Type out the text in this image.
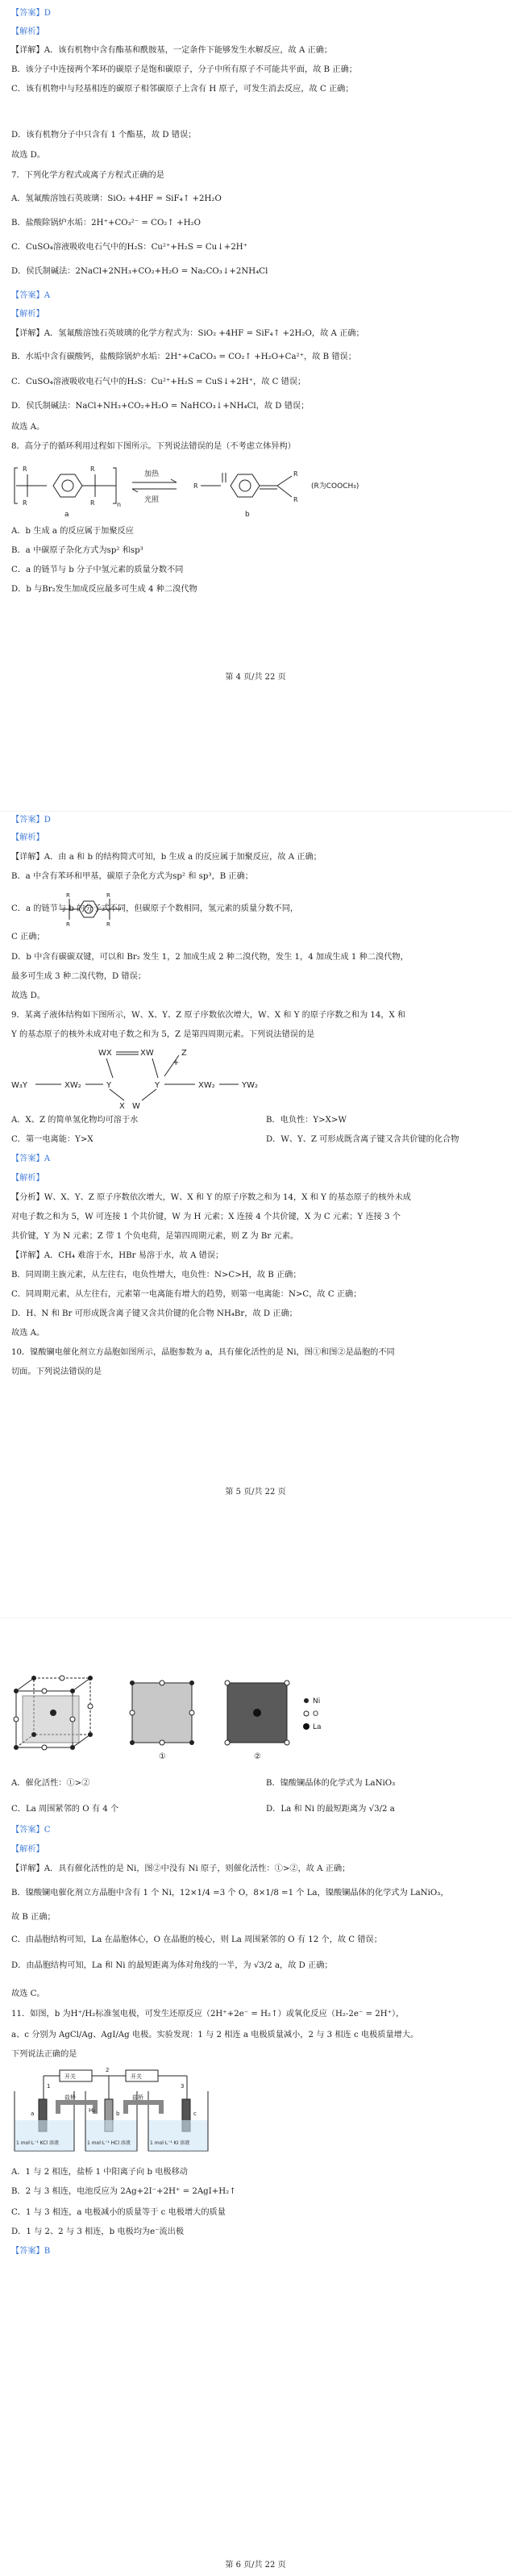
【答案】D
【解析】
【详解】A．该有机物中含有酯基和酰胺基，一定条件下能够发生水解反应，故 A 正确；
B．该分子中连接两个苯环的碳原子是饱和碳原子，分子中所有原子不可能共平面，故 B 正确；
C．该有机物中与羟基相连的碳原子相邻碳原子上含有 H 原子，可发生消去反应，故 C 正确；
D．该有机物分子中只含有 1 个酯基，故 D 错误；
故选 D。
7．下列化学方程式或离子方程式正确的是
A．氢氟酸溶蚀石英玻璃：SiO₂ +4HF = SiF₄↑ +2H₂O
B．盐酸除锅炉水垢：2H⁺+CO₃²⁻ = CO₂↑ +H₂O
C．CuSO₄溶液吸收电石气中的H₂S：Cu²⁺+H₂S = Cu↓+2H⁺
D．侯氏制碱法：2NaCl+2NH₃+CO₂+H₂O = Na₂CO₃↓+2NH₄Cl
【答案】A
【解析】
【详解】A．氢氟酸溶蚀石英玻璃的化学方程式为：SiO₂ +4HF = SiF₄↑ +2H₂O，故 A 正确；
B．水垢中含有碳酸钙，盐酸除锅炉水垢：2H⁺+CaCO₃ = CO₂↑ +H₂O+Ca²⁺，故 B 错误；
C．CuSO₄溶液吸收电石气中的H₂S：Cu²⁺+H₂S = CuS↓+2H⁺，故 C 错误；
D．侯氏制碱法：NaCl+NH₃+CO₂+H₂O = NaHCO₃↓+NH₄Cl，故 D 错误；
故选 A。
8．高分子的循环利用过程如下图所示。下列说法错误的是（不考虑立体异构）
R
R
R
R	n
R
R
R
加热
光照
a	b
(R为COOCH₃)
A．b 生成 a 的反应属于加聚反应
B．a 中碳原子杂化方式为sp² 和sp³
C．a 的链节与 b 分子中氢元素的质量分数不同
D．b 与Br₂发生加成反应最多可生成 4 种二溴代物
第 4 页/共 22 页
【答案】D
【解析】
【详解】A．由 a 和 b 的结构简式可知，b 生成 a 的反应属于加聚反应，故 A 正确；
B．a 中含有苯环和甲基，碳原子杂化方式为sp² 和 sp³，B 正确；
R
R
R
R
C．a 的链节与 b 的分子式不同，但碳原子个数相同，氢元素的质量分数不同，
C 正确；
D．b 中含有碳碳双键，可以和 Br₂ 发生 1，2 加成生成 2 种二溴代物，发生 1，4 加成生成 1 种二溴代物，
最多可生成 3 种二溴代物，D 错误；
故选 D。
9．某离子液体结构如下图所示，W、X、Y、Z 原子序数依次增大，W、X 和 Y 的原子序数之和为 14，X 和
Y 的基态原子的核外未成对电子数之和为 5，Z 是第四周期元素。下列说法错误的是
WX	XW	Z
W₃Y	XW₂	Y	Y	XW₂	YW₂
X W
+
A．X、Z 的简单氢化物均可溶于水	B．电负性：Y>X>W
C．第一电离能：Y>X	D．W、Y、Z 可形成既含离子键又含共价键的化合物
【答案】A
【解析】
【分析】W、X、Y、Z 原子序数依次增大，W、X 和 Y 的原子序数之和为 14，X 和 Y 的基态原子的核外未成
对电子数之和为 5，W 可连接 1 个共价键，W 为 H 元素；X 连接 4 个共价键，X 为 C 元素；Y 连接 3 个
共价键，Y 为 N 元素；Z 带 1 个负电荷，是第四周期元素，则 Z 为 Br 元素。
【详解】A．CH₄ 难溶于水，HBr 易溶于水，故 A 错误；
B．同周期主族元素，从左往右，电负性增大，电负性：N>C>H，故 B 正确；
C．同周期元素，从左往右，元素第一电离能有增大的趋势，则第一电离能：N>C，故 C 正确；
D．H、N 和 Br 可形成既含离子键又含共价键的化合物 NH₄Br，故 D 正确；
故选 A。
10．镍酸镧电催化剂立方晶胞如图所示，晶胞参数为 a，具有催化活性的是 Ni，图①和图②是晶胞的不同
切面。下列说法错误的是
第 5 页/共 22 页
①	②
Ni
O
La
A．催化活性：①>②	B．镍酸镧晶体的化学式为 LaNiO₃
C．La 周围紧邻的 O 有 4 个	D．La 和 Ni 的最短距离为 √3/2 a
【答案】C
【解析】
【详解】A．具有催化活性的是 Ni，图②中没有 Ni 原子，则催化活性：①>②，故 A 正确；
B．镍酸镧电催化剂立方晶胞中含有 1 个 Ni，12×1/4 =3 个 O，8×1/8 =1 个 La，镍酸镧晶体的化学式为 LaNiO₃，
故 B 正确；
C．由晶胞结构可知，La 在晶胞体心，O 在晶胞的棱心，则 La 周围紧邻的 O 有 12 个，故 C 错误；
D．由晶胞结构可知，La 和 Ni 的最短距离为体对角线的一半，为 √3/2 a，故 D 正确；
故选 C。
11．如图，b 为H⁺/H₂标准氢电极，可发生还原反应（2H⁺+2e⁻ = H₂↑）或氧化反应（H₂-2e⁻ = 2H⁺），
a、c 分别为 AgCl/Ag、AgI/Ag 电极。实验发现：1 与 2 相连 a 电极质量减小，2 与 3 相连 c 电极质量增大。
下列说法正确的是
开关	开关
1
2
3
盐桥	盐桥
H₂
a	b	c
1 mol·L⁻¹ KCl 溶液	1 mol·L⁻¹ HCl 溶液	1 mol·L⁻¹ KI 溶液
A．1 与 2 相连，盐桥 1 中阳离子向 b 电极移动
B．2 与 3 相连，电池反应为 2Ag+2I⁻+2H⁺ = 2AgI+H₂↑
C．1 与 3 相连，a 电极减小的质量等于 c 电极增大的质量
D．1 与 2、2 与 3 相连，b 电极均为e⁻流出极
【答案】B
第 6 页/共 22 页
